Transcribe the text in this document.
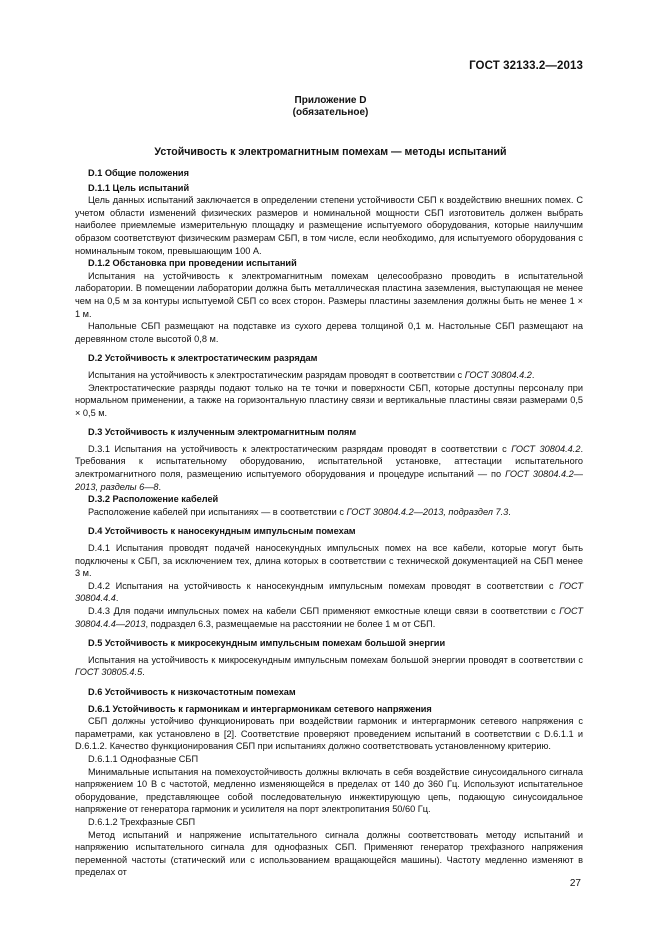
ГОСТ 32133.2—2013
Приложение D
(обязательное)
Устойчивость к электромагнитным помехам — методы испытаний
D.1 Общие положения
D.1.1 Цель испытаний
Цель данных испытаний заключается в определении степени устойчивости СБП к воздействию внешних помех. С учетом области изменений физических размеров и номинальной мощности СБП изготовитель должен выбрать наиболее приемлемые измерительную площадку и размещение испытуемого оборудования, которые наилучшим образом соответствуют физическим размерам СБП, в том числе, если необходимо, для испытуемого оборудования с номинальным током, превышающим 100 А.
D.1.2 Обстановка при проведении испытаний
Испытания на устойчивость к электромагнитным помехам целесообразно проводить в испытательной лаборатории. В помещении лаборатории должна быть металлическая пластина заземления, выступающая не менее чем на 0,5 м за контуры испытуемой СБП со всех сторон. Размеры пластины заземления должны быть не менее 1 × 1 м.
Напольные СБП размещают на подставке из сухого дерева толщиной 0,1 м. Настольные СБП размещают на деревянном столе высотой 0,8 м.
D.2 Устойчивость к электростатическим разрядам
Испытания на устойчивость к электростатическим разрядам проводят в соответствии с ГОСТ 30804.4.2.
Электростатические разряды подают только на те точки и поверхности СБП, которые доступны персоналу при нормальном применении, а также на горизонтальную пластину связи и вертикальные пластины связи размерами 0,5 × 0,5 м.
D.3 Устойчивость к излученным электромагнитным полям
D.3.1 Испытания на устойчивость к электростатическим разрядам проводят в соответствии с ГОСТ 30804.4.2. Требования к испытательному оборудованию, испытательной установке, аттестации испытательного электромагнитного поля, размещению испытуемого оборудования и процедуре испытаний — по ГОСТ 30804.4.2—2013, разделы 6—8.
D.3.2 Расположение кабелей
Расположение кабелей при испытаниях — в соответствии с ГОСТ 30804.4.2—2013, подраздел 7.3.
D.4 Устойчивость к наносекундным импульсным помехам
D.4.1 Испытания проводят подачей наносекундных импульсных помех на все кабели, которые могут быть подключены к СБП, за исключением тех, длина которых в соответствии с технической документацией на СБП менее 3 м.
D.4.2 Испытания на устойчивость к наносекундным импульсным помехам проводят в соответствии с ГОСТ 30804.4.4.
D.4.3 Для подачи импульсных помех на кабели СБП применяют емкостные клещи связи в соответствии с ГОСТ 30804.4.4—2013, подраздел 6.3, размещаемые на расстоянии не более 1 м от СБП.
D.5 Устойчивость к микросекундным импульсным помехам большой энергии
Испытания на устойчивость к микросекундным импульсным помехам большой энергии проводят в соответствии с ГОСТ 30805.4.5.
D.6 Устойчивость к низкочастотным помехам
D.6.1 Устойчивость к гармоникам и интергармоникам сетевого напряжения
СБП должны устойчиво функционировать при воздействии гармоник и интергармоник сетевого напряжения с параметрами, как установлено в [2]. Соответствие проверяют проведением испытаний в соответствии с D.6.1.1 и D.6.1.2. Качество функционирования СБП при испытаниях должно соответствовать установленному критерию.
D.6.1.1 Однофазные СБП
Минимальные испытания на помехоустойчивость должны включать в себя воздействие синусоидального сигнала напряжением 10 В с частотой, медленно изменяющейся в пределах от 140 до 360 Гц. Используют испытательное оборудование, представляющее собой последовательную инжектирующую цепь, подающую синусоидальное напряжение от генератора гармоник и усилителя на порт электропитания 50/60 Гц.
D.6.1.2 Трехфазные СБП
Метод испытаний и напряжение испытательного сигнала должны соответствовать методу испытаний и напряжению испытательного сигнала для однофазных СБП. Применяют генератор трехфазного напряжения переменной частоты (статический или с использованием вращающейся машины). Частоту медленно изменяют в пределах от
27
